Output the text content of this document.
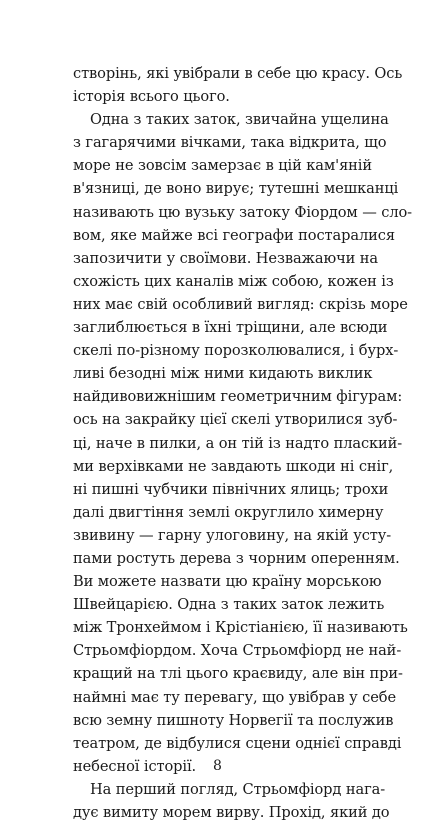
створінь, які увібрали в себе цю красу. Ось
історія всього цього.
Одна з таких заток, звичайна ущелина
з гагарячими вічками, така відкрита, що
море не зовсім замерзає в цій кам'яній
в'язниці, де воно вирує; тутешні мешканці
називають цю вузьку затоку Фіордом — сло-
вом, яке майже всі географи постаралися
запозичити у своїмови. Незважаючи на
схожість цих каналів між собою, кожен із
них має свій особливий вигляд: скрізь море
заглиблюється в їхні тріщини, але всюди
скелі по-різному порозколювалися, і бурх-
ливі безодні між ними кидають виклик
найдивовижнішим геометричним фігурам:
ось на закрайку цієї скелі утворилися зуб-
ці, наче в пилки, а он тій із надто плаский-
ми верхівками не завдають шкоди ні сніг,
ні пишні чубчики північних ялиць; трохи
далі двигтіння землі округлило химерну
звивину — гарну улоговину, на якій усту-
пами ростуть дерева з чорним оперенням.
Ви можете назвати цю країну морською
Швейцарією. Одна з таких заток лежить
між Тронхеймом і Крістіанією, її називають
Стрьомфіордом. Хоча Стрьомфіорд не най-
кращий на тлі цього краєвиду, але він при-
наймні має ту перевагу, що увібрав у себе
всю земну пишноту Норвегії та послужив
театром, де відбулися сцени однієї справді
небесної історії.
На перший погляд, Стрьомфіорд нага-
дує вимиту морем вирву. Прохід, який до
8
